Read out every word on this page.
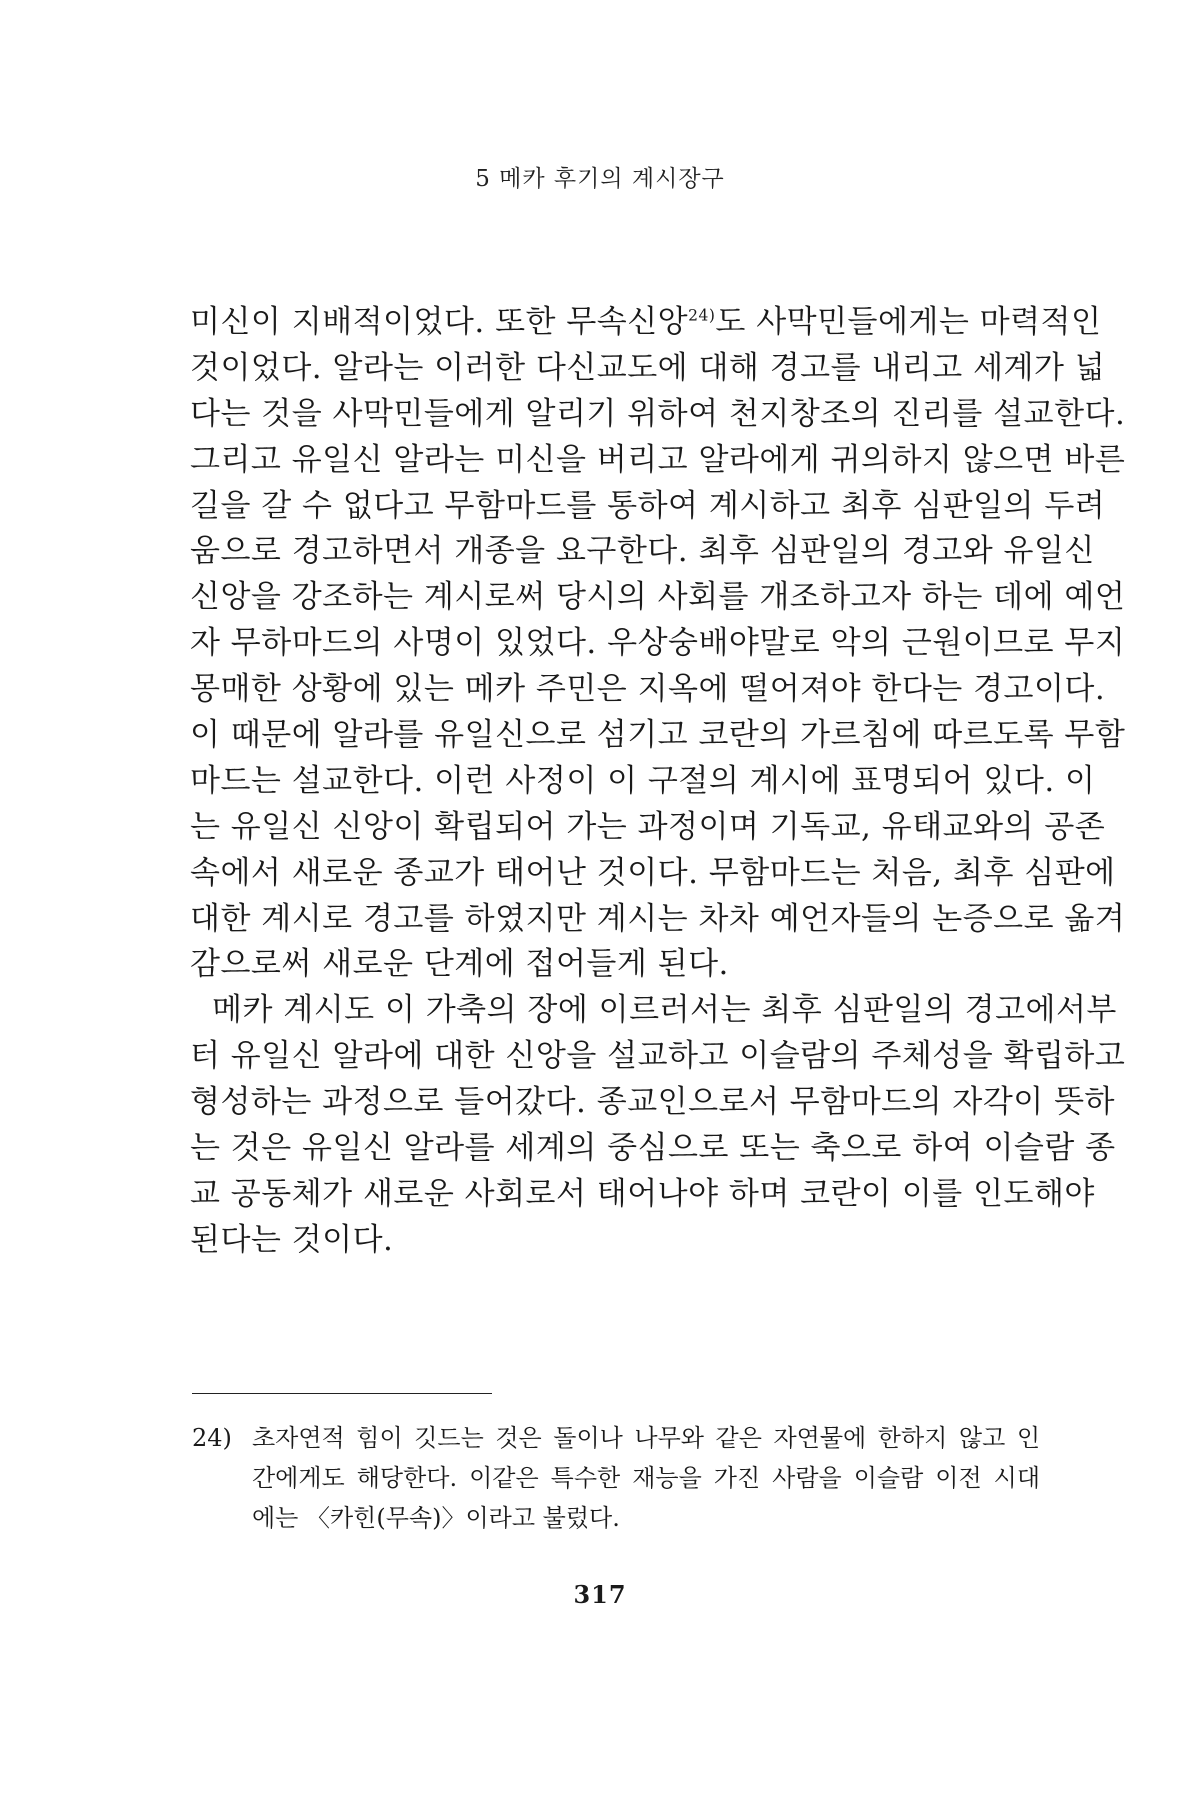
5 메카 후기의 계시장구
미신이 지배적이었다. 또한 무속신앙$^{24)}$도 사막민들에게는 마력적인
것이었다. 알라는 이러한 다신교도에 대해 경고를 내리고 세계가 넓
다는 것을 사막민들에게 알리기 위하여 천지창조의 진리를 설교한다.
그리고 유일신 알라는 미신을 버리고 알라에게 귀의하지 않으면 바른
길을 갈 수 없다고 무함마드를 통하여 계시하고 최후 심판일의 두려
움으로 경고하면서 개종을 요구한다. 최후 심판일의 경고와 유일신
신앙을 강조하는 계시로써 당시의 사회를 개조하고자 하는 데에 예언
자 무하마드의 사명이 있었다. 우상숭배야말로 악의 근원이므로 무지
몽매한 상황에 있는 메카 주민은 지옥에 떨어져야 한다는 경고이다.
이 때문에 알라를 유일신으로 섬기고 코란의 가르침에 따르도록 무함
마드는 설교한다. 이런 사정이 이 구절의 계시에 표명되어 있다. 이
는 유일신 신앙이 확립되어 가는 과정이며 기독교, 유태교와의 공존
속에서 새로운 종교가 태어난 것이다. 무함마드는 처음, 최후 심판에
대한 계시로 경고를 하였지만 계시는 차차 예언자들의 논증으로 옮겨
감으로써 새로운 단계에 접어들게 된다.
메카 계시도 이 가축의 장에 이르러서는 최후 심판일의 경고에서부
터 유일신 알라에 대한 신앙을 설교하고 이슬람의 주체성을 확립하고
형성하는 과정으로 들어갔다. 종교인으로서 무함마드의 자각이 뜻하
는 것은 유일신 알라를 세계의 중심으로 또는 축으로 하여 이슬람 종
교 공동체가 새로운 사회로서 태어나야 하며 코란이 이를 인도해야
된다는 것이다.
24) 초자연적 힘이 깃드는 것은 돌이나 나무와 같은 자연물에 한하지 않고 인
간에게도 해당한다. 이같은 특수한 재능을 가진 사람을 이슬람 이전 시대
에는 〈카힌(무속)〉이라고 불렀다.
317
